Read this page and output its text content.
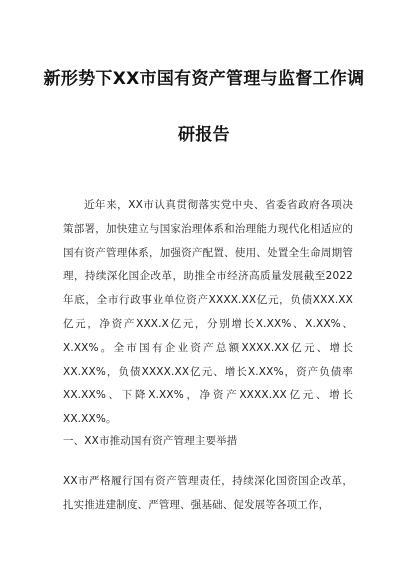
新形势下XX市国有资产管理与监督工作调
研报告

近年来，XX市认真贯彻落实党中央、省委省政府各项决策部署，加快建立与国家治理体系和治理能力现代化相适应的国有资产管理体系，加强资产配置、使用、处置全生命周期管理，持续深化国企改革，助推全市经济高质量发展截至2022年底，全市行政事业单位资产XXXX.XX亿元，负债XXX.XX亿元，净资产XXX.X亿元，分别增长X.XX%、X.XX%、X.XX%。全市国有企业资产总额XXXX.XX亿元、增长XX.XX%，负债XXXX.XX亿元、增长X.XX%，资产负债率XX.XX%、下降X.XX%，净资产XXXX.XX亿元、增长XX.XX%。

一、XX市推动国有资产管理主要举措

XX市严格履行国有资产管理责任，持续深化国资国企改革，扎实推进建制度、严管理、强基础、促发展等各项工作，
